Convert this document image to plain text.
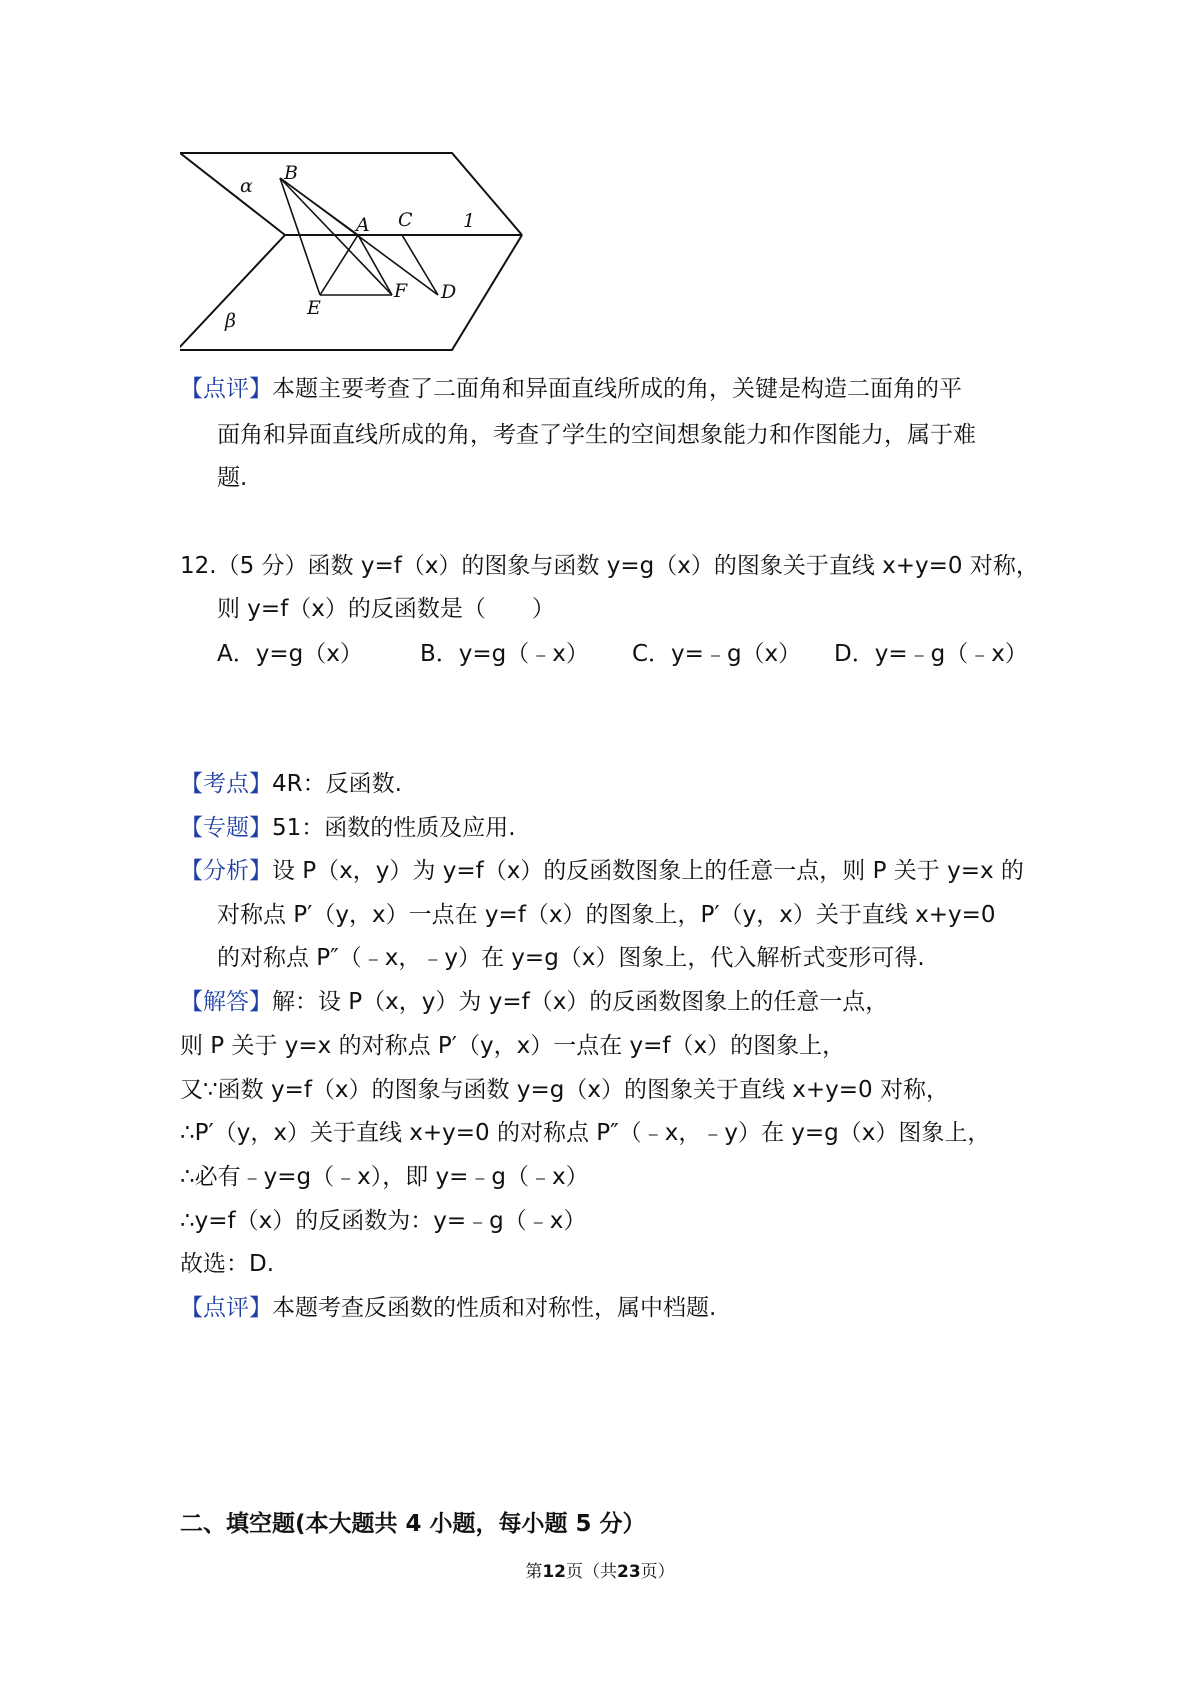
α
B
A C	1
E
F D
β
【点评】本题主要考查了二面角和异面直线所成的角，关键是构造二面角的平
面角和异面直线所成的角，考查了学生的空间想象能力和作图能力，属于难
题.
12.（5 分）函数 y=f（x）的图象与函数 y=g（x）的图象关于直线 x+y=0 对称，
则 y=f（x）的反函数是（　　）
A．y=g（x） B．y=g（﹣x） C．y=﹣g（x） D．y=﹣g（﹣x）
【考点】4R：反函数.
【专题】51：函数的性质及应用.
【分析】设 P（x，y）为 y=f（x）的反函数图象上的任意一点，则 P 关于 y=x 的
对称点 P′（y，x）一点在 y=f（x）的图象上，P′（y，x）关于直线 x+y=0
的对称点 P″（﹣x，﹣y）在 y=g（x）图象上，代入解析式变形可得.
【解答】解：设 P（x，y）为 y=f（x）的反函数图象上的任意一点，
则 P 关于 y=x 的对称点 P′（y，x）一点在 y=f（x）的图象上，
又∵函数 y=f（x）的图象与函数 y=g（x）的图象关于直线 x+y=0 对称，
∴P′（y，x）关于直线 x+y=0 的对称点 P″（﹣x，﹣y）在 y=g（x）图象上，
∴必有﹣y=g（﹣x），即 y=﹣g（﹣x）
∴y=f（x）的反函数为：y=﹣g（﹣x）
故选：D.
【点评】本题考查反函数的性质和对称性，属中档题.
二、填空题(本大题共 4 小题，每小题 5 分）
第12页（共23页）
